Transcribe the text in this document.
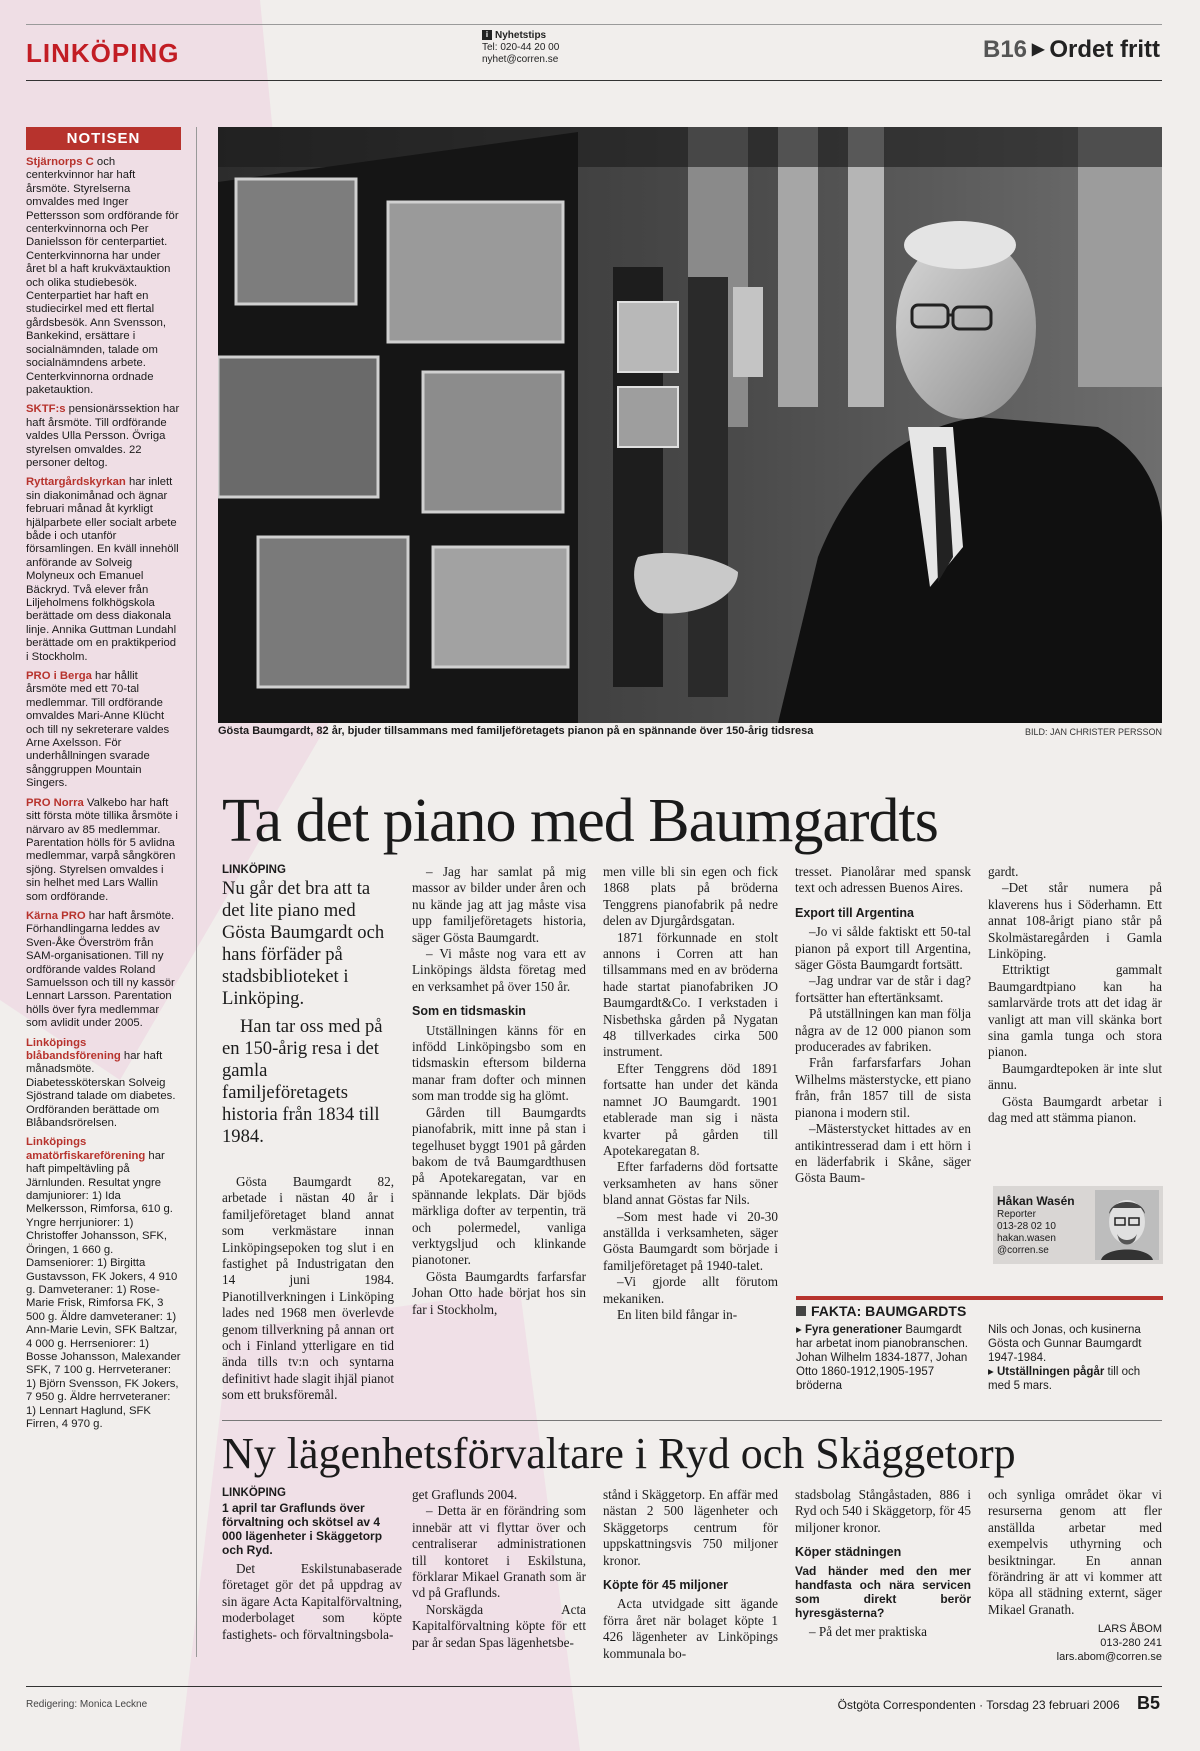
LINKÖPING
i Nyhetstips
Tel: 020-44 20 00
nyhet@corren.se	B16 ▶ Ordet fritt
NOTISEN

Stjärnorps C och centerkvinnor har haft årsmöte. Styrelserna omvaldes med Inger Pettersson som ordförande för centerkvinnorna och Per Danielsson för centerpartiet. Centerkvinnorna har under året bl a haft krukväxtauktion och olika studiebesök. Centerpartiet har haft en studiecirkel med ett flertal gårdsbesök. Ann Svensson, Bankekind, ersättare i socialnämnden, talade om socialnämndens arbete. Centerkvinnorna ordnade paketauktion.

SKTF:s pensionärssektion har haft årsmöte. Till ordförande valdes Ulla Persson. Övriga styrelsen omvaldes. 22 personer deltog.

Ryttargårdskyrkan har inlett sin diakonimånad och ägnar februari månad åt kyrkligt hjälparbete eller socialt arbete både i och utanför församlingen. En kväll innehöll anförande av Solveig Molyneux och Emanuel Bäckryd. Två elever från Liljeholmens folkhögskola berättade om dess diakonala linje. Annika Guttman Lundahl berättade om en praktikperiod i Stockholm.

PRO i Berga har hållit årsmöte med ett 70-tal medlemmar. Till ordförande omvaldes Mari-Anne Klücht och till ny sekreterare valdes Arne Axelsson. För underhållningen svarade sånggruppen Mountain Singers.

PRO Norra Valkebo har haft sitt första möte tillika årsmöte i närvaro av 85 medlemmar. Parentation hölls för 5 avlidna medlemmar, varpå sångkören sjöng. Styrelsen omvaldes i sin helhet med Lars Wallin som ordförande.

Kärna PRO har haft årsmöte. Förhandlingarna leddes av Sven-Åke Överström från SAM-organisationen. Till ny ordförande valdes Roland Samuelsson och till ny kassör Lennart Larsson. Parentation hölls över fyra medlemmar som avlidit under 2005.

Linköpings blåbandsförening har haft månadsmöte. Diabetessköterskan Solveig Sjöstrand talade om diabetes. Ordföranden berättade om Blåbandsrörelsen.

Linköpings amatörfiskareförening har haft pimpeltävling på Järnlunden. Resultat yngre damjuniorer: 1) Ida Melkersson, Rimforsa, 610 g. Yngre herrjuniorer: 1) Christoffer Johansson, SFK, Öringen, 1 660 g. Damseniorer: 1) Birgitta Gustavsson, FK Jokers, 4 910 g. Damveteraner: 1) Rose-Marie Frisk, Rimforsa FK, 3 500 g. Äldre damveteraner: 1) Ann-Marie Levin, SFK Baltzar, 4 000 g. Herrseniorer: 1) Bosse Johansson, Malexander SFK, 7 100 g. Herrveteraner: 1) Björn Svensson, FK Jokers, 7 950 g. Äldre herrveteraner: 1) Lennart Haglund, SFK Firren, 4 970 g.

Gösta Baumgardt, 82 år, bjuder tillsammans med familjeföretagets pianon på en spännande över 150-årig tidsresa	BILD: JAN CHRISTER PERSSON
Ta det piano med Baumgardts
LINKÖPING

Nu går det bra att ta det lite piano med Gösta Baumgardt och hans förfäder på stadsbiblioteket i Linköping.

Han tar oss med på en 150-årig resa i det gamla familjeföretagets historia från 1834 till 1984.

Gösta Baumgardt 82, arbetade i nästan 40 år i familjeföretaget bland annat som verkmästare innan Linköpingsepoken tog slut i en fastighet på Industrigatan den 14 juni 1984. Pianotillverkningen i Linköping lades ned 1968 men överlevde genom tillverkning på annan ort och i Finland ytterligare en tid ända tills tv:n och syntarna definitivt hade slagit ihjäl pianot som ett bruksföremål.

– Jag har samlat på mig massor av bilder under åren och nu kände jag att jag måste visa upp familjeföretagets historia, säger Gösta Baumgardt.

– Vi måste nog vara ett av Linköpings äldsta företag med en verksamhet på över 150 år.

Som en tidsmaskin

Utställningen känns för en infödd Linköpingsbo som en tidsmaskin eftersom bilderna manar fram dofter och minnen som man trodde sig ha glömt.

Gården till Baumgardts pianofabrik, mitt inne på stan i tegelhuset byggt 1901 på gården bakom de två Baumgardthusen på Apotekaregatan, var en spännande lekplats. Där bjöds märkliga dofter av terpentin, trä och polermedel, vanliga verktygsljud och klinkande pianotoner.

Gösta Baumgardts farfarsfar Johan Otto hade börjat hos sin far i Stockholm,

men ville bli sin egen och fick 1868 plats på bröderna Tenggrens pianofabrik på nedre delen av Djurgårdsgatan.

1871 förkunnade en stolt annons i Corren att han tillsammans med en av bröderna hade startat pianofabriken JO Baumgardt&Co. I verkstaden i Nisbethska gården på Nygatan 48 tillverkades cirka 500 instrument.

Efter Tenggrens död 1891 fortsatte han under det kända namnet JO Baumgardt. 1901 etablerade man sig i nästa kvarter på gården till Apotekaregatan 8.

Efter farfaderns död fortsatte verksamheten av hans söner bland annat Göstas far Nils.

–Som mest hade vi 20-30 anställda i verksamheten, säger Gösta Baumgardt som började i familjeföretaget på 1940-talet.

–Vi gjorde allt förutom mekaniken.

En liten bild fångar in-

tresset. Pianolårar med spansk text och adressen Buenos Aires.

Export till Argentina

–Jo vi sålde faktiskt ett 50-tal pianon på export till Argentina, säger Gösta Baumgardt fortsätt.

–Jag undrar var de står i dag? fortsätter han eftertänksamt.

På utställningen kan man följa några av de 12 000 pianon som producerades av fabriken.

Från farfarsfarfars Johan Wilhelms mästerstycke, ett piano från, från 1857 till de sista pianona i modern stil.

–Mästerstycket hittades av en antikintresserad dam i ett hörn i en läderfabrik i Skåne, säger Gösta Baum-

gardt.

–Det står numera på klaverens hus i Söderhamn. Ett annat 108-årigt piano står på Skolmästaregården i Gamla Linköping.

Ettriktigt gammalt Baumgardtpiano kan ha samlarvärde trots att det idag är vanligt att man vill skänka bort sina gamla tunga och stora pianon.

Baumgardtepoken är inte slut ännu.

Gösta Baumgardt arbetar i dag med att stämma pianon.

Håkan Wasén
Reporter
013-28 02 10
hakan.wasen
@corren.se
FAKTA: BAUMGARDTS
▸ Fyra generationer Baumgardt har arbetat inom pianobranschen. Johan Wilhelm 1834-1877, Johan Otto 1860-1912,1905-1957 bröderna
Nils och Jonas, och kusinerna Gösta och Gunnar Baumgardt 1947-1984.
▸ Utställningen pågår till och med 5 mars.
Ny lägenhetsförvaltare i Ryd och Skäggetorp
LINKÖPING
1 april tar Graflunds över förvaltning och skötsel av 4 000 lägenheter i Skäggetorp och Ryd.

Det Eskilstunabaserade företaget gör det på uppdrag av sin ägare Acta Kapitalförvaltning, moderbolaget som köpte fastighets- och förvaltningsbola-

get Graflunds 2004.

– Detta är en förändring som innebär att vi flyttar över och centraliserar administrationen till kontoret i Eskilstuna, förklarar Mikael Granath som är vd på Graflunds.

Norskägda Acta Kapitalförvaltning köpte för ett par år sedan Spas lägenhetsbe-

stånd i Skäggetorp. En affär med nästan 2 500 lägenheter och Skäggetorps centrum för uppskattningsvis 750 miljoner kronor.

Köpte för 45 miljoner

Acta utvidgade sitt ägande förra året när bolaget köpte 1 426 lägenheter av Linköpings kommunala bo-

stadsbolag Stångåstaden, 886 i Ryd och 540 i Skäggetorp, för 45 miljoner kronor.

Köper städningen
Vad händer med den mer handfasta och nära servicen som direkt berör hyresgästerna?

– På det mer praktiska

och synliga området ökar vi resurserna genom att fler anställda arbetar med exempelvis uthyrning och besiktningar. En annan förändring är att vi kommer att köpa all städning externt, säger Mikael Granath.

LARS ÅBOM
013-280 241
lars.abom@corren.se
Redigering: Monica Leckne	Östgöta Correspondenten · Torsdag 23 februari 2006 B5
